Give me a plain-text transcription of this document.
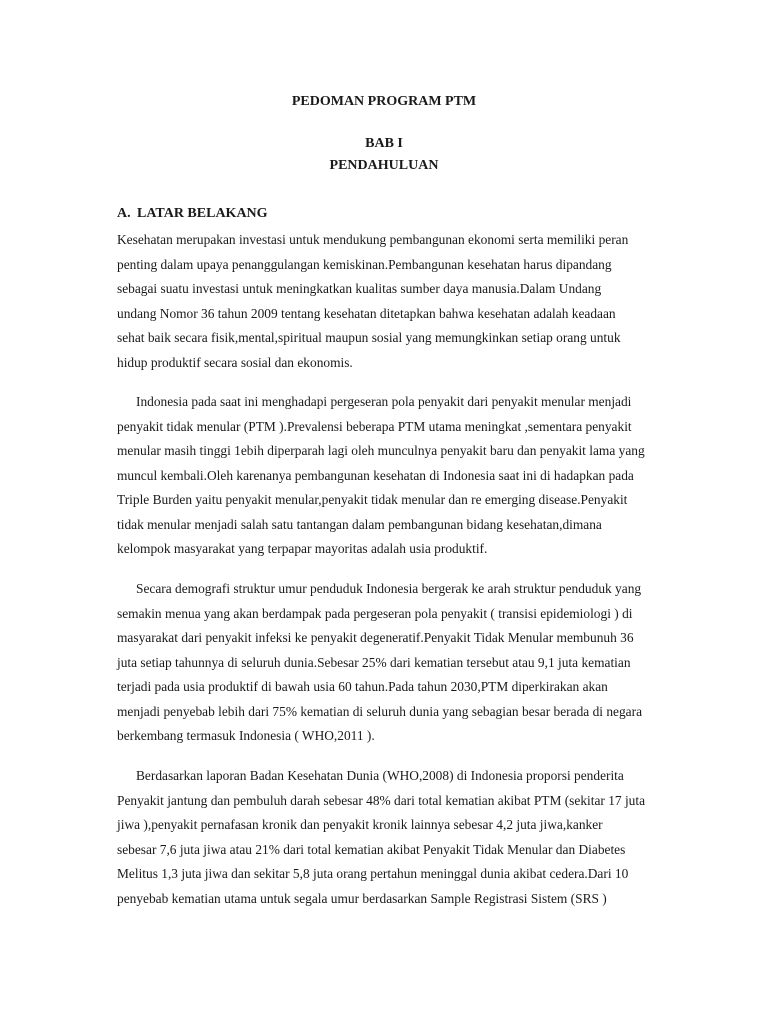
PEDOMAN PROGRAM PTM
BAB I
PENDAHULUAN
A. LATAR BELAKANG
Kesehatan merupakan investasi untuk mendukung pembangunan ekonomi serta memiliki peran
penting dalam upaya penanggulangan kemiskinan.Pembangunan kesehatan harus dipandang
sebagai suatu investasi untuk meningkatkan kualitas sumber daya manusia.Dalam Undang
undang Nomor 36 tahun 2009 tentang kesehatan ditetapkan bahwa kesehatan adalah keadaan
sehat baik secara fisik,mental,spiritual maupun sosial yang memungkinkan setiap orang untuk
hidup produktif secara sosial dan ekonomis.
Indonesia pada saat ini menghadapi pergeseran pola penyakit dari penyakit menular menjadi
penyakit tidak menular (PTM ).Prevalensi beberapa PTM utama meningkat ,sementara penyakit
menular masih tinggi 1ebih diperparah lagi oleh munculnya penyakit baru dan penyakit lama yang
muncul kembali.Oleh karenanya pembangunan kesehatan di Indonesia saat ini di hadapkan pada
Triple Burden yaitu penyakit menular,penyakit tidak menular dan re emerging disease.Penyakit
tidak menular menjadi salah satu tantangan dalam pembangunan bidang kesehatan,dimana
kelompok masyarakat yang terpapar mayoritas adalah usia produktif.
Secara demografi struktur umur penduduk Indonesia bergerak ke arah struktur penduduk yang
semakin menua yang akan berdampak pada pergeseran pola penyakit ( transisi epidemiologi ) di
masyarakat dari penyakit infeksi ke penyakit degeneratif.Penyakit Tidak Menular membunuh 36
juta setiap tahunnya di seluruh dunia.Sebesar 25% dari kematian tersebut atau 9,1 juta kematian
terjadi pada usia produktif di bawah usia 60 tahun.Pada tahun 2030,PTM diperkirakan akan
menjadi penyebab lebih dari 75% kematian di seluruh dunia yang sebagian besar berada di negara
berkembang termasuk Indonesia ( WHO,2011 ).
Berdasarkan laporan Badan Kesehatan Dunia (WHO,2008) di Indonesia proporsi penderita
Penyakit jantung dan pembuluh darah sebesar 48% dari total kematian akibat PTM (sekitar 17 juta
jiwa ),penyakit pernafasan kronik dan penyakit kronik lainnya sebesar 4,2 juta jiwa,kanker
sebesar 7,6 juta jiwa atau 21% dari total kematian akibat Penyakit Tidak Menular dan Diabetes
Melitus 1,3 juta jiwa dan sekitar 5,8 juta orang pertahun meninggal dunia akibat cedera.Dari 10
penyebab kematian utama untuk segala umur berdasarkan Sample Registrasi Sistem (SRS )
